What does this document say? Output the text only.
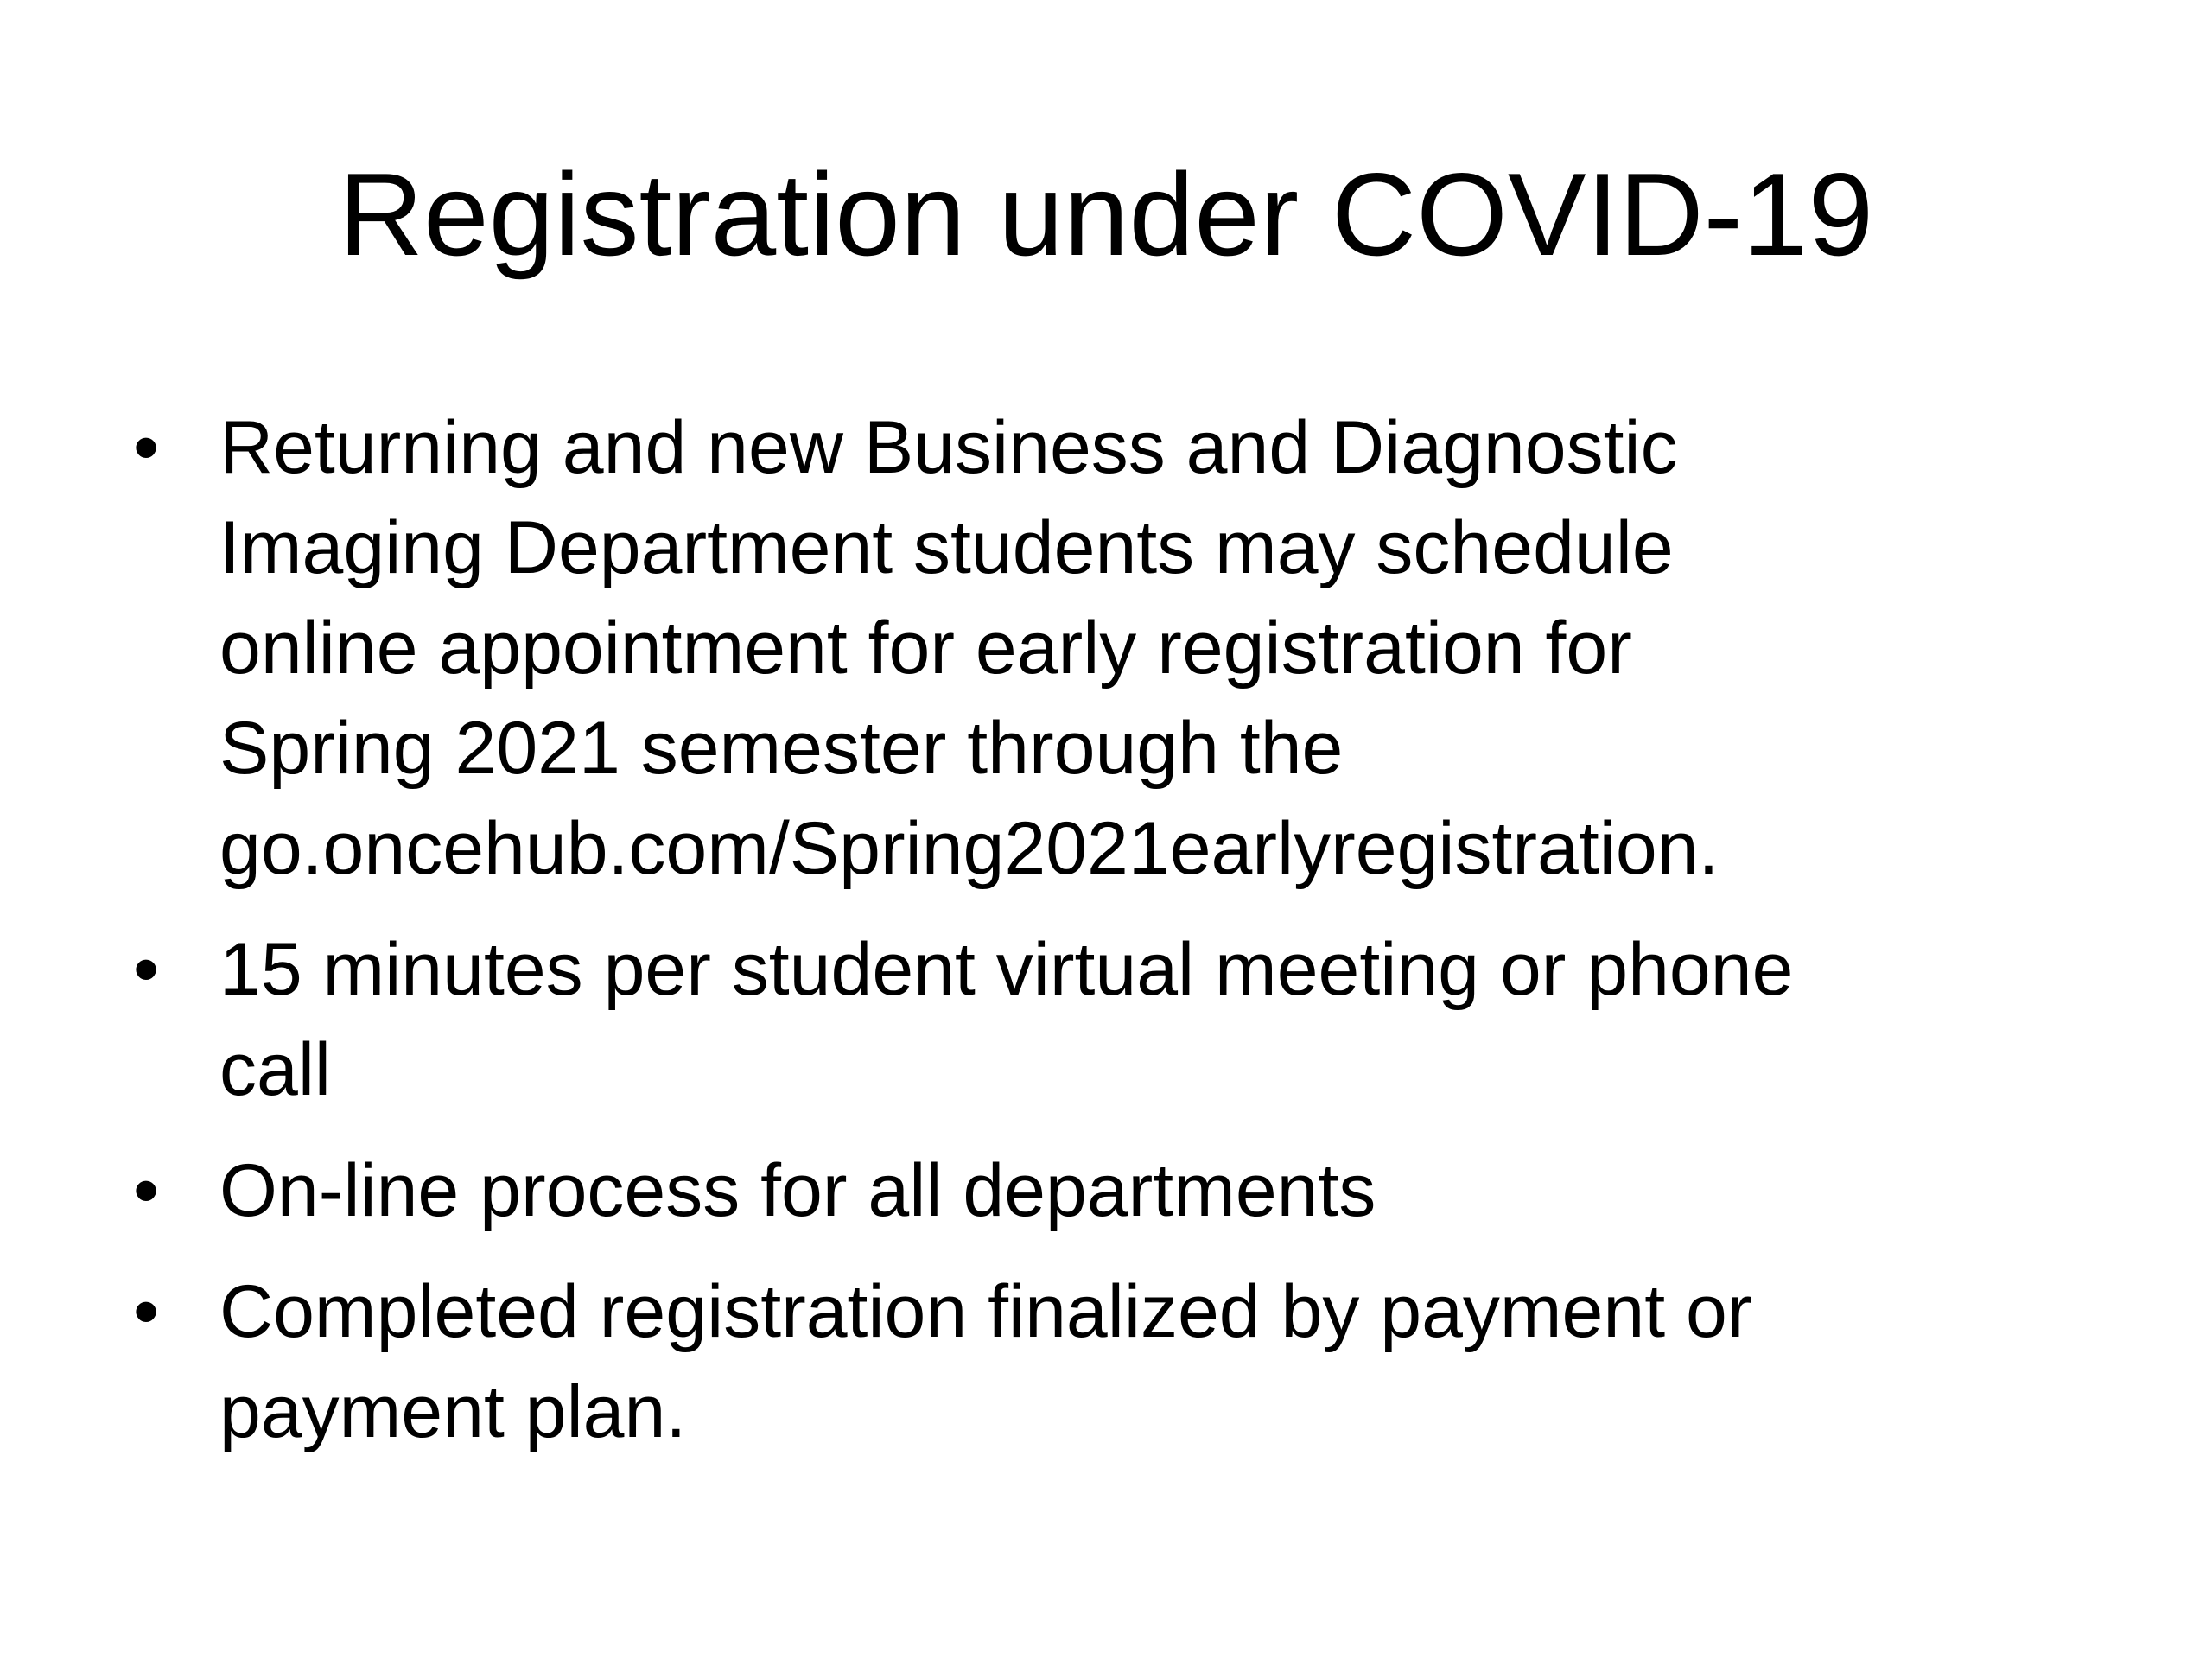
Registration under COVID-19
• Returning and new Business and Diagnostic
Imaging Department students may schedule
online appointment for early registration for
Spring 2021 semester through the
go.oncehub.com/Spring2021earlyregistration.
• 15 minutes per student virtual meeting or phone
call
• On-line process for all departments
• Completed registration finalized by payment or
payment plan.
